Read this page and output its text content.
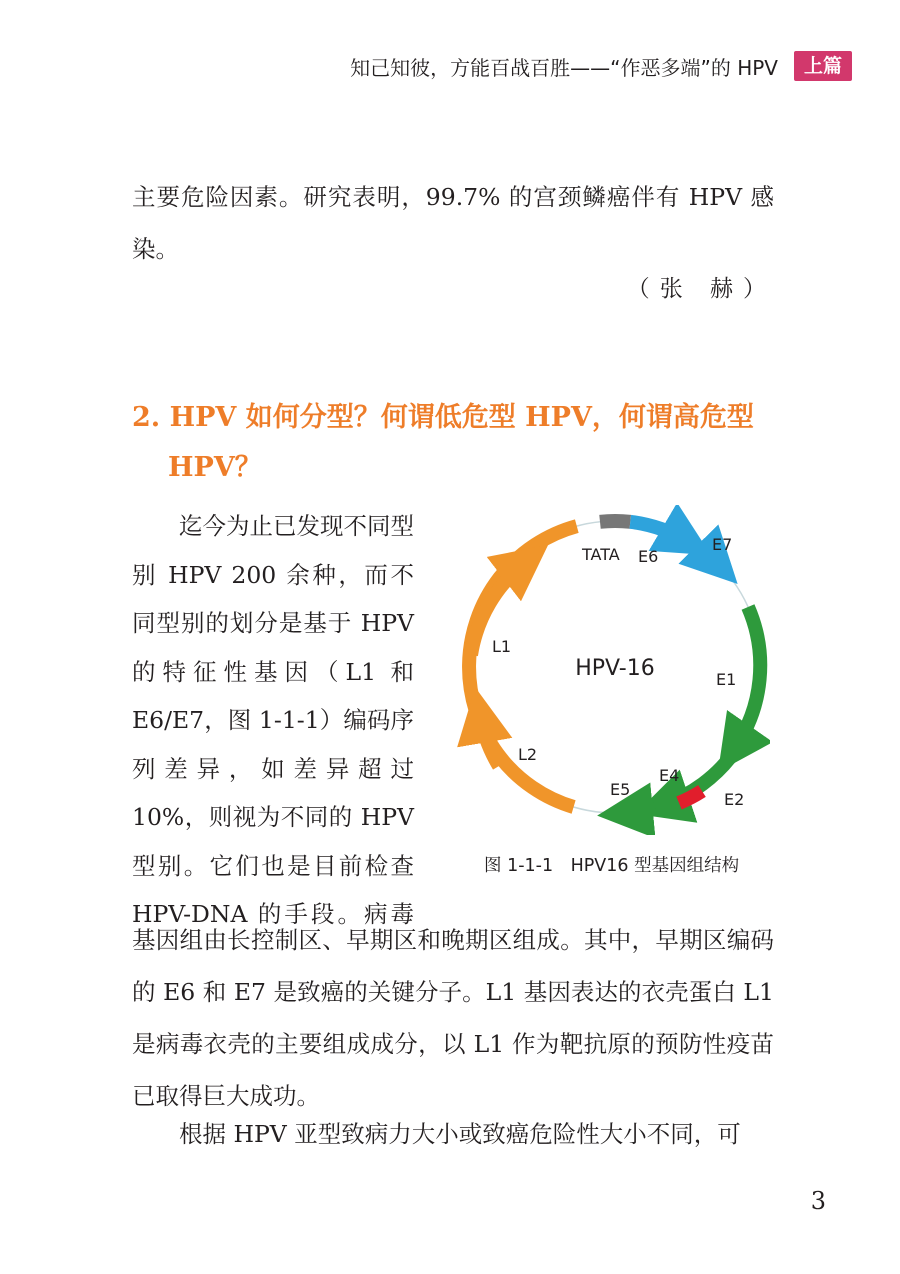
知己知彼，方能百战百胜——“作恶多端”的 HPV	上篇

主要危险因素。研究表明，99.7% 的宫颈鳞癌伴有 HPV 感染。

（张 赫）
2. HPV 如何分型？何谓低危型 HPV，何谓高危型 HPV？

迄今为止已发现不同型别 HPV 200 余种，而不同型别的划分是基于 HPV 的特征性基因（L1 和 E6/E7，图 1-1-1）编码序列差异，如差异超过 10%，则视为不同的 HPV 型别。它们也是目前检查 HPV-DNA 的手段。病毒

HPV-16
TATA E6
E7
E1
E2
E4
E5
L2
L1
图 1-1-1　HPV16 型基因组结构

基因组由长控制区、早期区和晚期区组成。其中，早期区编码的 E6 和 E7 是致癌的关键分子。L1 基因表达的衣壳蛋白 L1 是病毒衣壳的主要组成成分，以 L1 作为靶抗原的预防性疫苗已取得巨大成功。

根据 HPV 亚型致病力大小或致癌危险性大小不同，可

3
